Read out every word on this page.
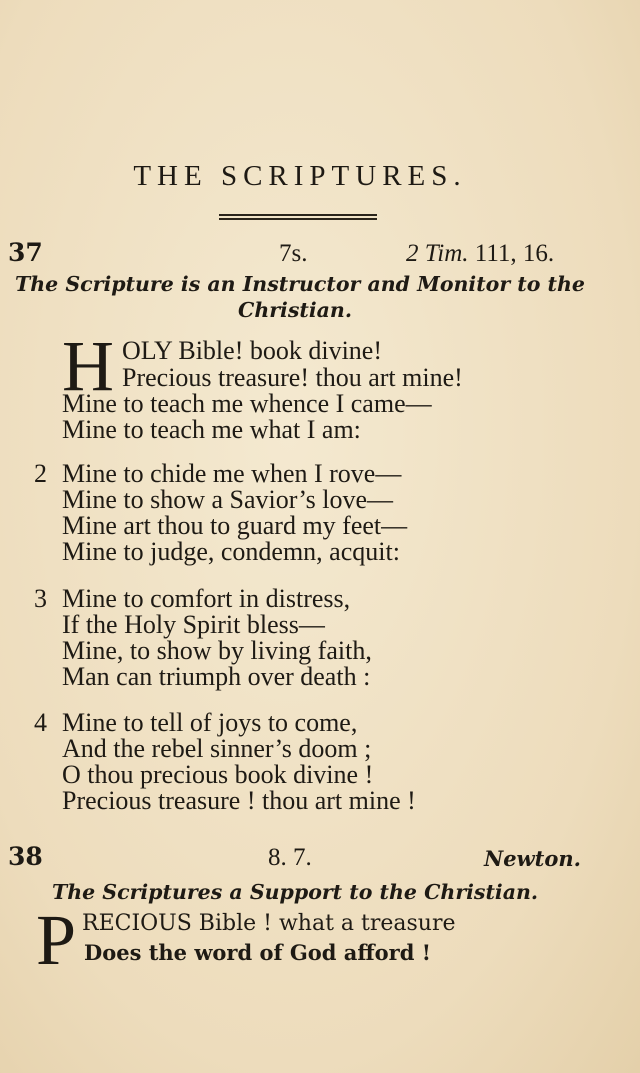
THE SCRIPTURES.
37	7s.	2 Tim. 111, 16.
The Scripture is an Instructor and Monitor to the
Christian.
H OLY Bible! book divine!
Precious treasure! thou art mine!
Mine to teach me whence I came—
Mine to teach me what I am:
2 Mine to chide me when I rove—
Mine to show a Savior’s love—
Mine art thou to guard my feet—
Mine to judge, condemn, acquit:
3 Mine to comfort in distress,
If the Holy Spirit bless—
Mine, to show by living faith,
Man can triumph over death :
4 Mine to tell of joys to come,
And the rebel sinner’s doom ;
O thou precious book divine !
Precious treasure ! thou art mine !
38	8. 7.	Newton.
The Scriptures a Support to the Christian.
P RECIOUS Bible ! what a treasure
Does the word of God afford !
